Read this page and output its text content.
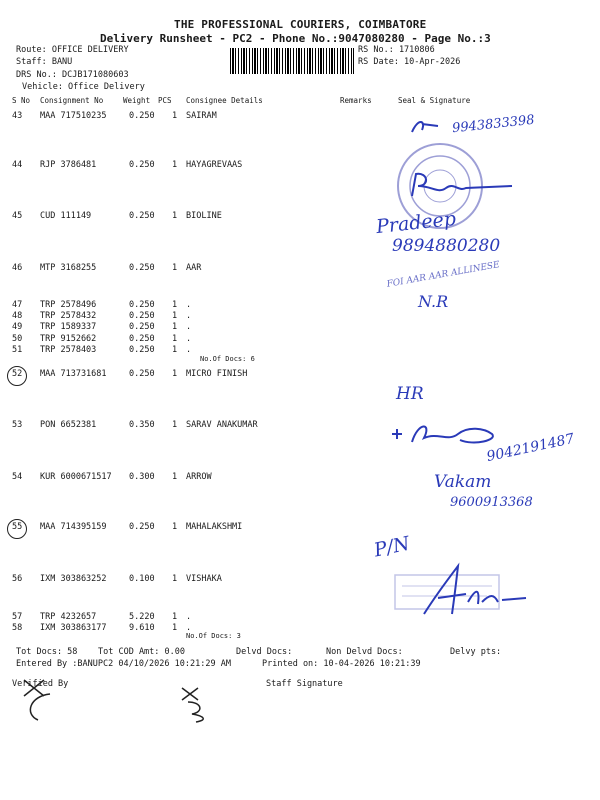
THE PROFESSIONAL COURIERS, COIMBATORE
Delivery Runsheet - PC2 - Phone No.:9047080280 - Page No.:3
Route: OFFICE DELIVERY
Staff: BANU
DRS No.: DCJB171080603
Vehicle: Office Delivery
RS No.: 1710806
RS Date: 10-Apr-2026
S No Consignment No	Weight PCS Consignee Details	Remarks	Seal & Signature
43 MAA 717510235	0.250 1 SAIRAM
44 RJP 3786481	0.250 1 HAYAGREVAAS
45 CUD 111149	0.250 1 BIOLINE
46 MTP 3168255	0.250 1 AAR
47 TRP 2578496	0.250 1 .
48 TRP 2578432	0.250 1 .
49 TRP 1589337	0.250 1 .
50 TRP 9152662	0.250 1 .
51 TRP 2578403	0.250 1 .
No.Of Docs: 6
52 MAA 713731681	0.250 1 MICRO FINISH
53 PON 6652381	0.350 1 SARAV ANAKUMAR
54 KUR 6000671517 0.300 1 ARROW
55 MAA 714395159	0.250 1 MAHALAKSHMI
56 IXM 303863252	0.100 1 VISHAKA
57 TRP 4232657	5.220 1 .
58 IXM 303863177	9.610 1 .
No.Of Docs: 3
Tot Docs: 58 Tot COD Amt: 0.00	Delvd Docs:	Non Delvd Docs:	Delvy pts:
Entered By :BANUPC2 04/10/2026 10:21:29 AM	Printed on: 10-04-2026 10:21:39
Verified By	Staff Signature
FOI AAR AAR ALLINESE
9943833398
Pradeep
9894880280
N.R
HR
9042191487
Vakam
9600913368
P/N
